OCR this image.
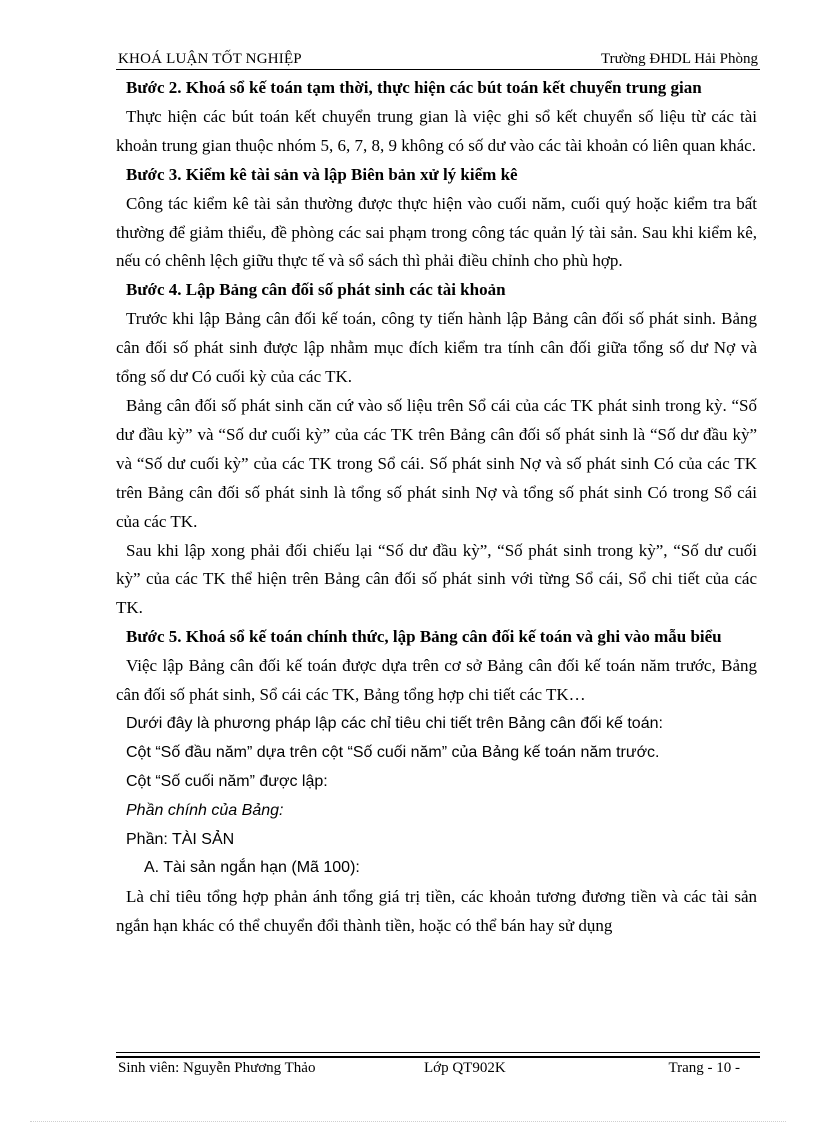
KHOÁ LUẬN TỐT NGHIỆP	Trường ĐHDL Hải Phòng

Bước 2. Khoá sổ kế toán tạm thời, thực hiện các bút toán kết chuyển trung gian

Thực hiện các bút toán kết chuyển trung gian là việc ghi sổ kết chuyển số liệu từ các tài khoản trung gian thuộc nhóm 5, 6, 7, 8, 9 không có số dư vào các tài khoản có liên quan khác.

Bước 3. Kiểm kê tài sản và lập Biên bản xử lý kiểm kê

Công tác kiểm kê tài sản thường được thực hiện vào cuối năm, cuối quý hoặc kiểm tra bất thường để giảm thiểu, đề phòng các sai phạm trong công tác quản lý tài sản. Sau khi kiểm kê, nếu có chênh lệch giữu thực tế và sổ sách thì phải điều chỉnh cho phù hợp.

Bước 4. Lập Bảng cân đối số phát sinh các tài khoản

Trước khi lập Bảng cân đối kế toán, công ty tiến hành lập Bảng cân đối số phát sinh. Bảng cân đối số phát sinh được lập nhằm mục đích kiểm tra tính cân đối giữa tổng số dư Nợ và tổng số dư Có cuối kỳ của các TK.

Bảng cân đối số phát sinh căn cứ vào số liệu trên Sổ cái của các TK phát sinh trong kỳ. “Số dư đầu kỳ” và “Số dư cuối kỳ” của các TK trên Bảng cân đối số phát sinh là “Số dư đầu kỳ” và “Số dư cuối kỳ” của các TK trong Sổ cái. Số phát sinh Nợ và số phát sinh Có của các TK trên Bảng cân đối số phát sinh là tổng số phát sinh Nợ và tổng số phát sinh Có trong Sổ cái của các TK.

Sau khi lập xong phải đối chiếu lại “Số dư đầu kỳ”, “Số phát sinh trong kỳ”, “Số dư cuối kỳ” của các TK thể hiện trên Bảng cân đối số phát sinh với từng Sổ cái, Sổ chi tiết của các TK.

Bước 5. Khoá sổ kế toán chính thức, lập Bảng cân đối kế toán và ghi vào mẫu biểu

Việc lập Bảng cân đối kế toán được dựa trên cơ sở Bảng cân đối kế toán năm trước, Bảng cân đối số phát sinh, Sổ cái các TK, Bảng tổng hợp chi tiết các TK…

Dưới đây là phương pháp lập các chỉ tiêu chi tiết trên Bảng cân đối kế toán:

Cột “Số đầu năm” dựa trên cột “Số cuối năm” của Bảng kế toán năm trước.

Cột “Số cuối năm” được lập:

Phần chính của Bảng:

Phần: TÀI SẢN

A. Tài sản ngắn hạn (Mã 100):

Là chỉ tiêu tổng hợp phản ánh tổng giá trị tiền, các khoản tương đương tiền và các tài sản ngắn hạn khác có thể chuyển đổi thành tiền, hoặc có thể bán hay sử dụng

Sinh viên: Nguyễn Phương Thảo	Lớp QT902K	Trang - 10 -
